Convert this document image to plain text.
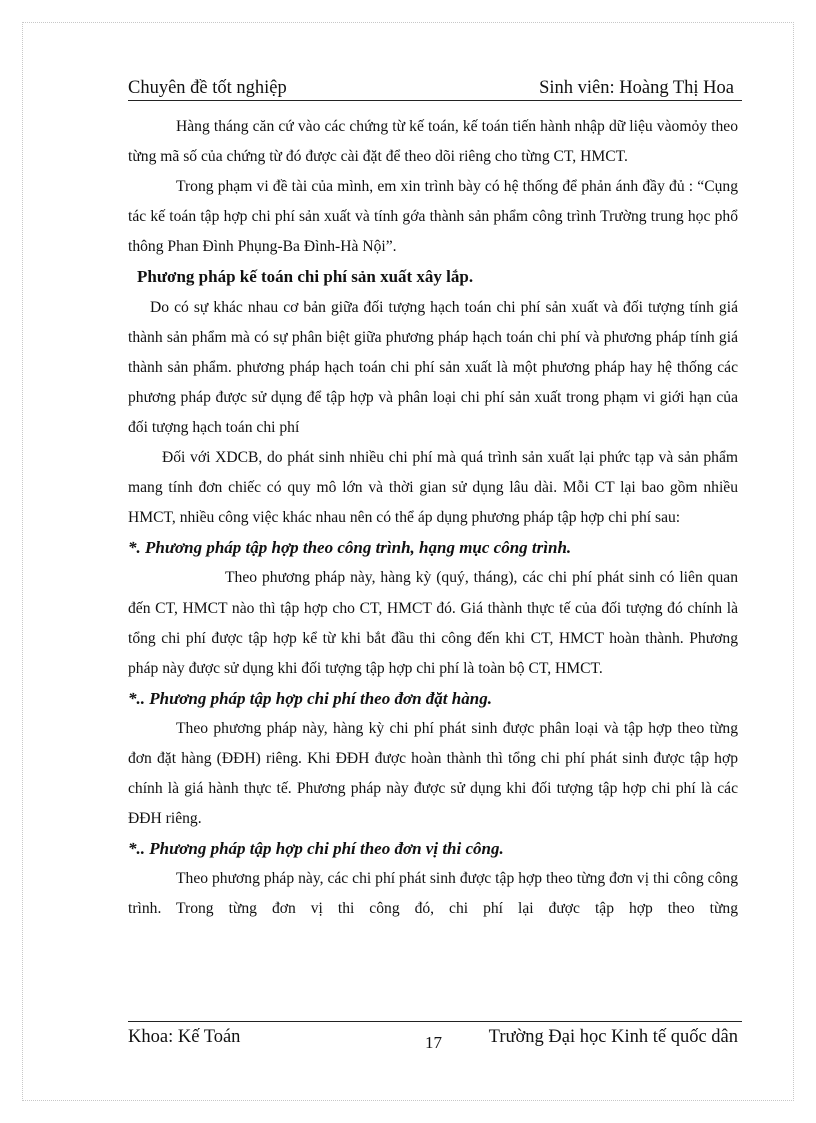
Chuyên đề tốt nghiệp	Sinh viên: Hoàng Thị Hoa

Hàng tháng căn cứ vào các chứng từ kế toán, kế toán tiến hành nhập dữ liệu vàomỏy theo từng mã số của chứng từ đó được cài đặt để theo dõi riêng cho từng CT, HMCT.

Trong phạm vi đề tài của mình, em xin trình bày có hệ thống để phản ánh đầy đủ : “Cụng tác kế toán tập hợp chi phí sản xuất và tính gớa thành sản phẩm công trình Trường trung học phổ thông Phan Đình Phụng-Ba Đình-Hà Nội”.

Phương pháp kế toán chi phí sản xuất xây lắp.

Do có sự khác nhau cơ bản giữa đối tượng hạch toán chi phí sản xuất và đối tượng tính giá thành sản phẩm mà có sự phân biệt giữa phương pháp hạch toán chi phí và phương pháp tính giá thành sản phẩm. phương pháp hạch toán chi phí sản xuất là một phương pháp hay hệ thống các phương pháp được sử dụng để tập hợp và phân loại chi phí sản xuất trong phạm vi giới hạn của đối tượng hạch toán chi phí

Đối với XDCB, do phát sinh nhiều chi phí mà quá trình sản xuất lại phức tạp và sản phẩm mang tính đơn chiếc có quy mô lớn và thời gian sử dụng lâu dài. Mỗi CT lại bao gồm nhiều HMCT, nhiều công việc khác nhau nên có thể áp dụng phương pháp tập hợp chi phí sau:

*. Phương pháp tập hợp theo công trình, hạng mục công trình.

Theo phương pháp này, hàng kỳ (quý, tháng), các chi phí phát sinh có liên quan đến CT, HMCT nào thì tập hợp cho CT, HMCT đó. Giá thành thực tế của đối tượng đó chính là tổng chi phí được tập hợp kể từ khi bắt đầu thi công đến khi CT, HMCT hoàn thành. Phương pháp này được sử dụng khi đối tượng tập hợp chi phí là toàn bộ CT, HMCT.

*.. Phương pháp tập hợp chi phí theo đơn đặt hàng.

Theo phương pháp này, hàng kỳ chi phí phát sinh được phân loại và tập hợp theo từng đơn đặt hàng (ĐĐH) riêng. Khi ĐĐH được hoàn thành thì tổng chi phí phát sinh được tập hợp chính là giá hành thực tế. Phương pháp này được sử dụng khi đối tượng tập hợp chi phí là các ĐĐH riêng.

*.. Phương pháp tập hợp chi phí theo đơn vị thi công.

Theo phương pháp này, các chi phí phát sinh được tập hợp theo từng đơn vị thi công công trình. Trong từng đơn vị thi công đó, chi phí lại được tập hợp theo từng

Khoa: Kế Toán	17	Trường Đại học Kinh tế quốc dân
